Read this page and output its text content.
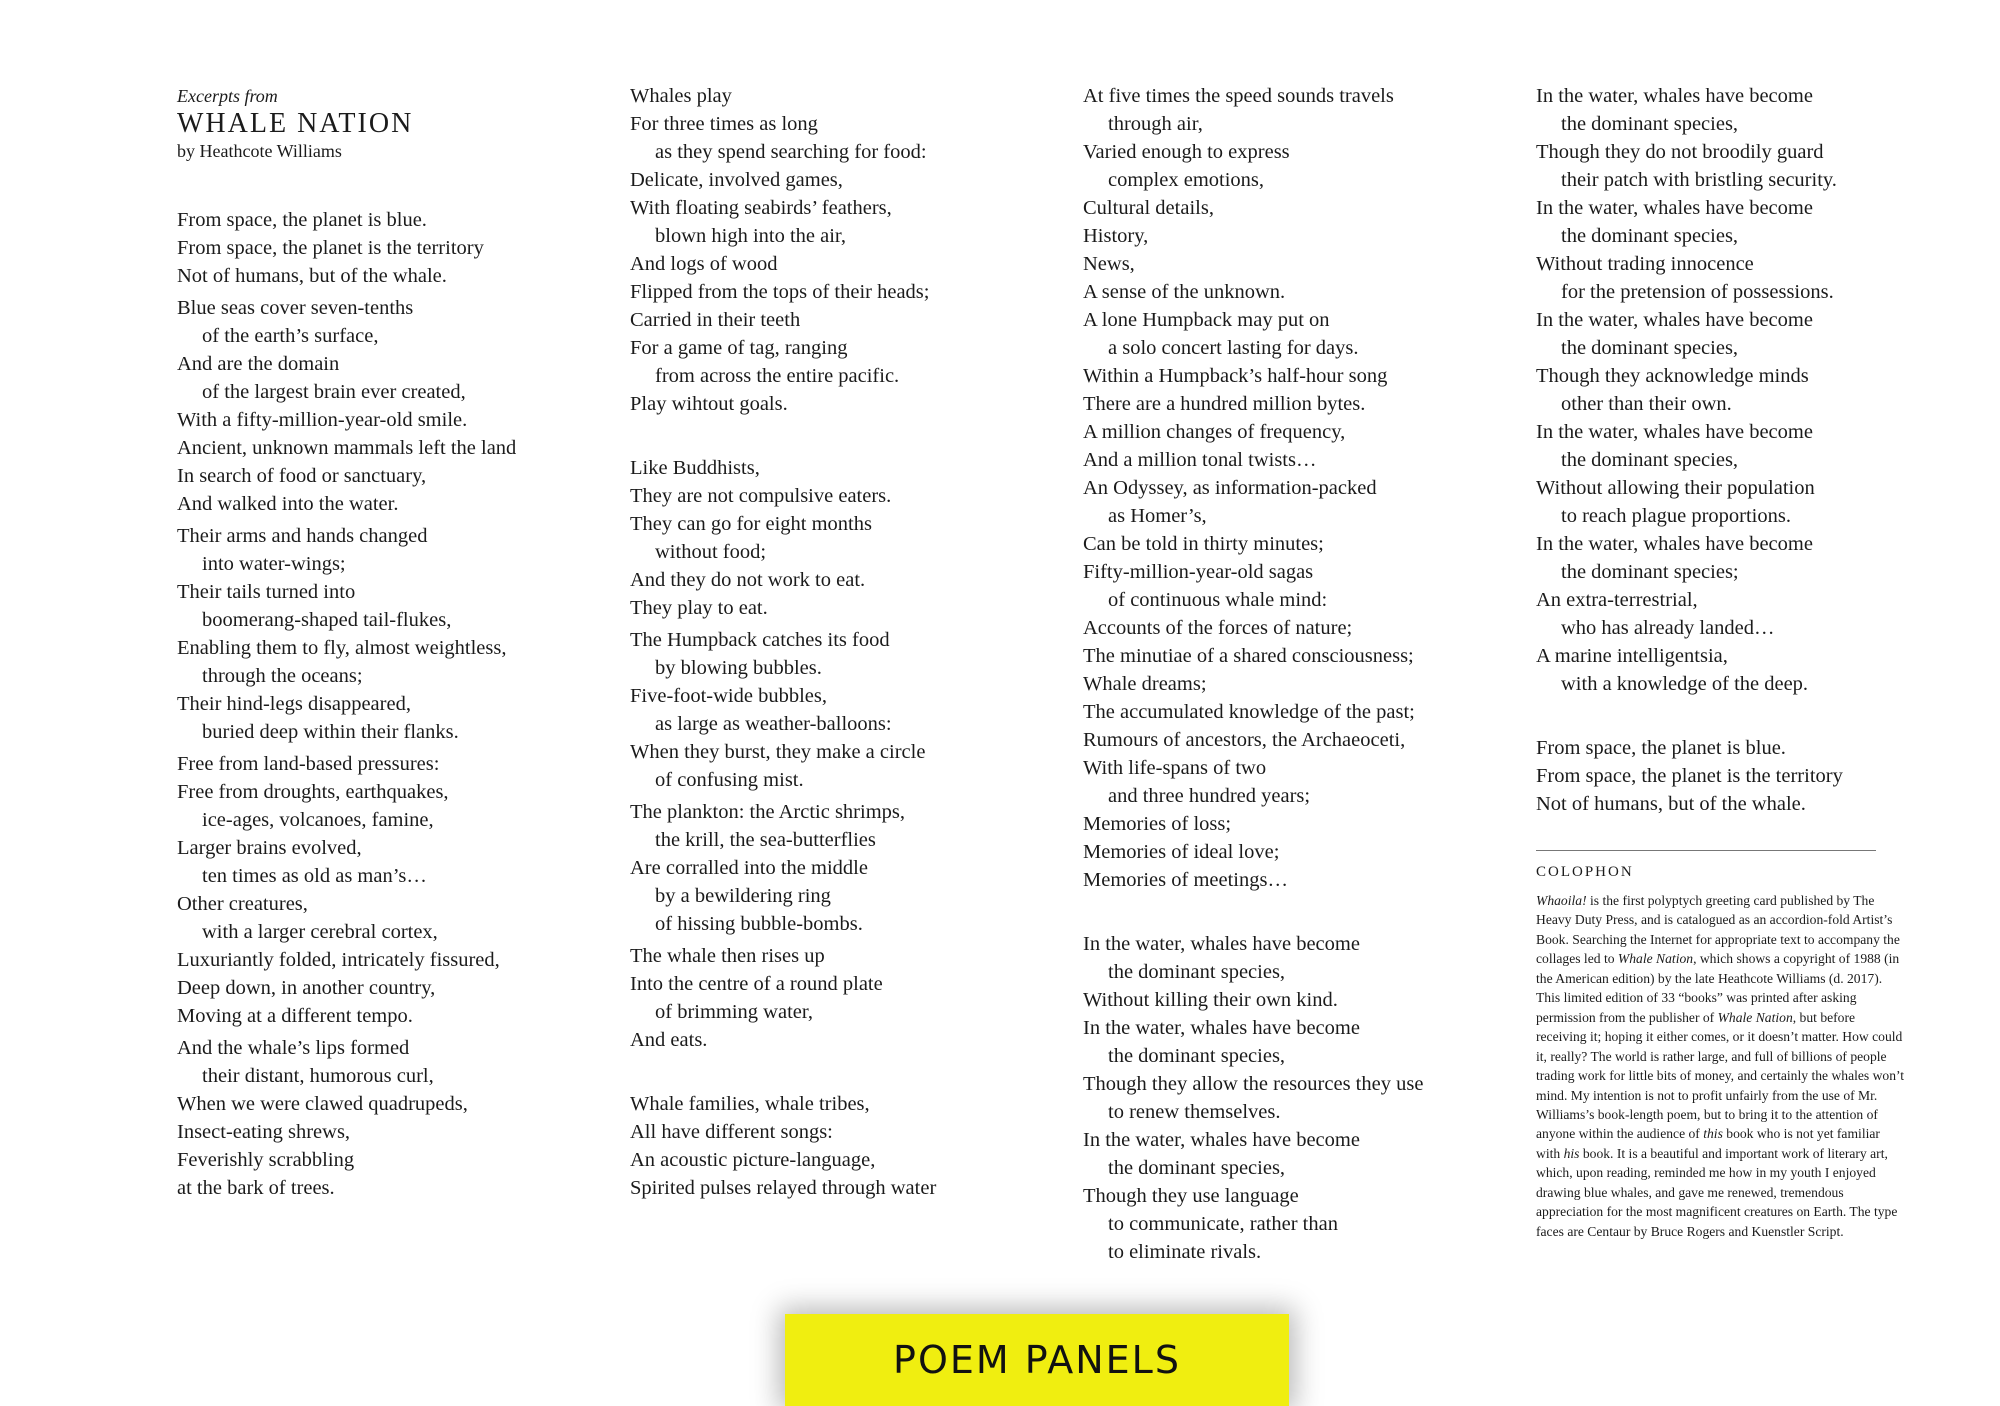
Excerpts from
WHALE NATION
by Heathcote Williams
From space, the planet is blue.
From space, the planet is the territory
Not of humans, but of the whale.
Blue seas cover seven-tenths
of the earth’s surface,
And are the domain
of the largest brain ever created,
With a fifty-million-year-old smile.
Ancient, unknown mammals left the land
In search of food or sanctuary,
And walked into the water.
Their arms and hands changed
into water-wings;
Their tails turned into
boomerang-shaped tail-flukes,
Enabling them to fly, almost weightless,
through the oceans;
Their hind-legs disappeared,
buried deep within their flanks.
Free from land-based pressures:
Free from droughts, earthquakes,
ice-ages, volcanoes, famine,
Larger brains evolved,
ten times as old as man’s…
Other creatures,
with a larger cerebral cortex,
Luxuriantly folded, intricately fissured,
Deep down, in another country,
Moving at a different tempo.
And the whale’s lips formed
their distant, humorous curl,
When we were clawed quadrupeds,
Insect-eating shrews,
Feverishly scrabbling
at the bark of trees.
Whales play
For three times as long
as they spend searching for food:
Delicate, involved games,
With floating seabirds’ feathers,
blown high into the air,
And logs of wood
Flipped from the tops of their heads;
Carried in their teeth
For a game of tag, ranging
from across the entire pacific.
Play wihtout goals.
Like Buddhists,
They are not compulsive eaters.
They can go for eight months
without food;
And they do not work to eat.
They play to eat.
The Humpback catches its food
by blowing bubbles.
Five-foot-wide bubbles,
as large as weather-balloons:
When they burst, they make a circle
of confusing mist.
The plankton: the Arctic shrimps,
the krill, the sea-butterflies
Are corralled into the middle
by a bewildering ring
of hissing bubble-bombs.
The whale then rises up
Into the centre of a round plate
of brimming water,
And eats.
Whale families, whale tribes,
All have different songs:
An acoustic picture-language,
Spirited pulses relayed through water
At five times the speed sounds travels
through air,
Varied enough to express
complex emotions,
Cultural details,
History,
News,
A sense of the unknown.
A lone Humpback may put on
a solo concert lasting for days.
Within a Humpback’s half-hour song
There are a hundred million bytes.
A million changes of frequency,
And a million tonal twists…
An Odyssey, as information-packed
as Homer’s,
Can be told in thirty minutes;
Fifty-million-year-old sagas
of continuous whale mind:
Accounts of the forces of nature;
The minutiae of a shared consciousness;
Whale dreams;
The accumulated knowledge of the past;
Rumours of ancestors, the Archaeoceti,
With life-spans of two
and three hundred years;
Memories of loss;
Memories of ideal love;
Memories of meetings…
In the water, whales have become
the dominant species,
Without killing their own kind.
In the water, whales have become
the dominant species,
Though they allow the resources they use
to renew themselves.
In the water, whales have become
the dominant species,
Though they use language
to communicate, rather than
to eliminate rivals.
In the water, whales have become
the dominant species,
Though they do not broodily guard
their patch with bristling security.
In the water, whales have become
the dominant species,
Without trading innocence
for the pretension of possessions.
In the water, whales have become
the dominant species,
Though they acknowledge minds
other than their own.
In the water, whales have become
the dominant species,
Without allowing their population
to reach plague proportions.
In the water, whales have become
the dominant species;
An extra-terrestrial,
who has already landed…
A marine intelligentsia,
with a knowledge of the deep.
From space, the planet is blue.
From space, the planet is the territory
Not of humans, but of the whale.
COLOPHON
Whaoila! is the first polyptych greeting card published by The Heavy Duty Press, and is catalogued as an accordion-fold Artist’s Book. Searching the Internet for appropriate text to accompany the collages led to Whale Nation, which shows a copyright of 1988 (in the American edition) by the late Heathcote Williams (d. 2017). This limited edition of 33 “books” was printed after asking permission from the publisher of Whale Nation, but before receiving it; hoping it either comes, or it doesn’t matter. How could it, really? The world is rather large, and full of billions of people trading work for little bits of money, and certainly the whales won’t mind. My intention is not to profit unfairly from the use of Mr. Williams’s book-length poem, but to bring it to the attention of anyone within the audience of this book who is not yet familiar with his book. It is a beautiful and important work of literary art, which, upon reading, reminded me how in my youth I enjoyed drawing blue whales, and gave me renewed, tremendous appreciation for the most magnificent creatures on Earth. The type faces are Centaur by Bruce Rogers and Kuenstler Script.
POEM PANELS
